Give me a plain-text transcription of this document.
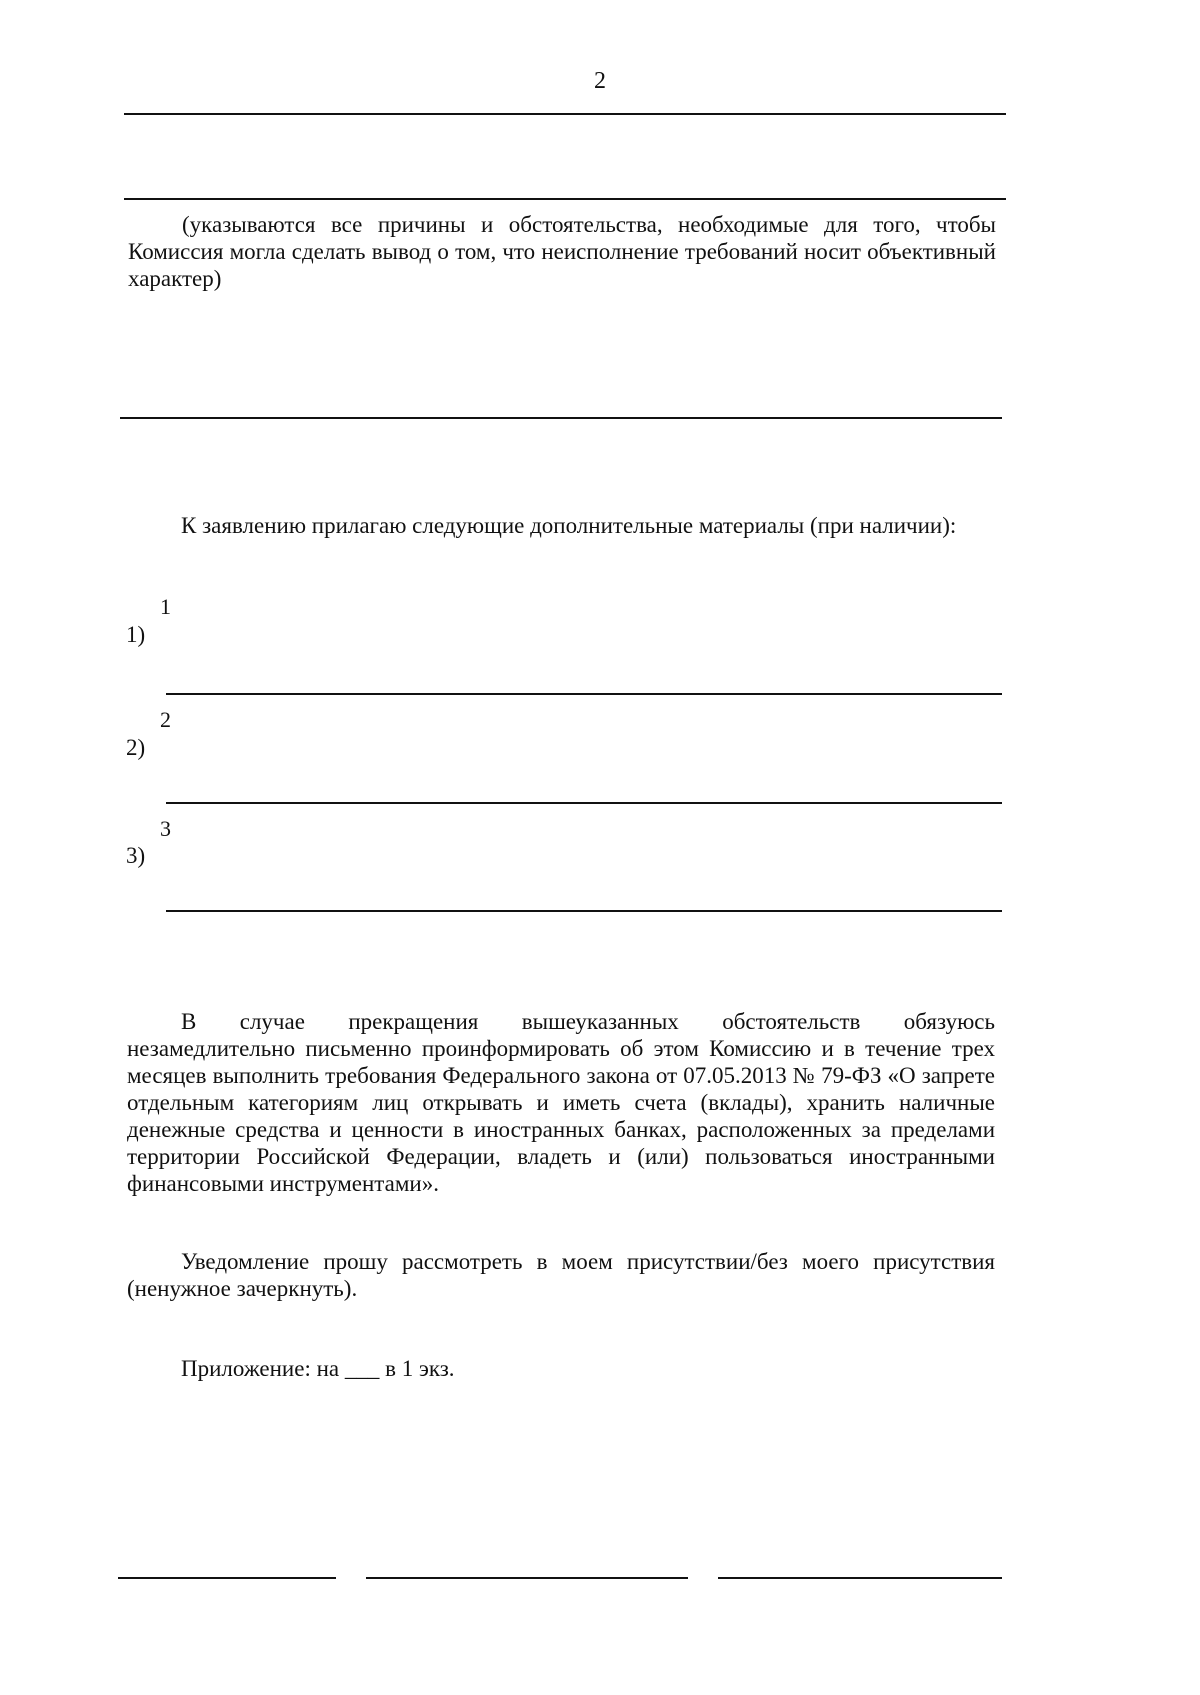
2
(указываются все причины и обстоятельства, необходимые для того, чтобы Комиссия могла сделать вывод о том, что неисполнение требований носит объективный характер)
К заявлению прилагаю следующие дополнительные материалы (при наличии):
1
1)
2
2)
3
3)
В случае прекращения вышеуказанных обстоятельств обязуюсь
незамедлительно письменно проинформировать об этом Комиссию и в течение трех месяцев выполнить требования Федерального закона от 07.05.2013 № 79-ФЗ «О запрете отдельным категориям лиц открывать и иметь счета (вклады), хранить наличные денежные средства и ценности в иностранных банках, расположенных за пределами территории Российской Федерации, владеть и (или) пользоваться иностранными финансовыми инструментами».
Уведомление прошу рассмотреть в моем присутствии/без моего присутствия (ненужное зачеркнуть).
Приложение: на ___ в 1 экз.
